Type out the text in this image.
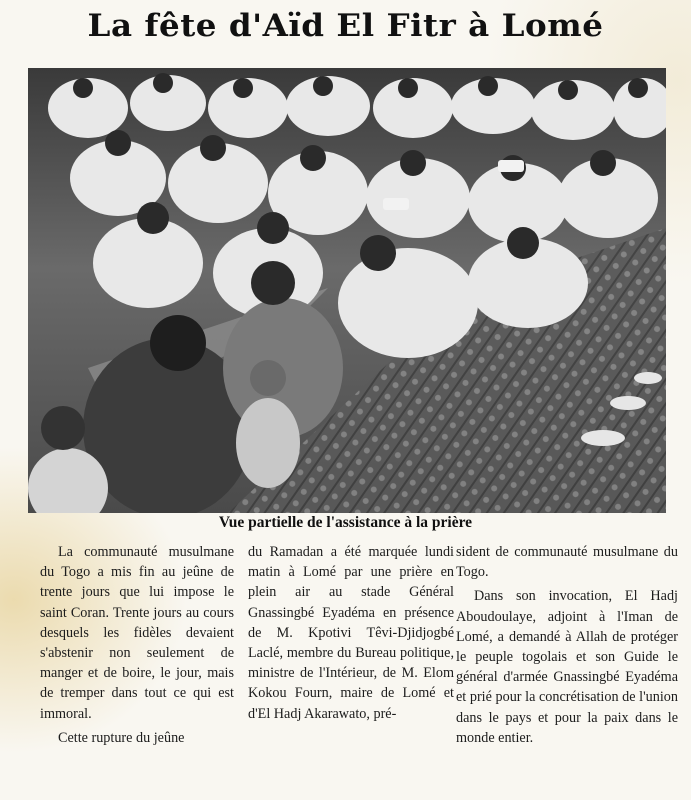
La fête d'Aïd El Fitr à Lomé
Vue partielle de l'assistance à la prière

La communauté musulmane du Togo a mis fin au jeûne de trente jours que lui impose le saint Coran. Trente jours au cours desquels les fidèles devaient s'abstenir non seulement de manger et de boire, le jour, mais de tremper dans tout ce qui est immoral.

Cette rupture du jeûne

du Ramadan a été marquée lundi matin à Lomé par une prière en plein air au stade Général Gnassingbé Eyadéma en présence de M. Kpotivi Têvi-Djidjogbé Laclé, membre du Bureau politique, ministre de l'Intérieur, de M. Elom Kokou Fourn, maire de Lomé et d'El Hadj Akarawato, pré-

sident de communauté musulmane du Togo.

Dans son invocation, El Hadj Aboudoulaye, adjoint à l'Iman de Lomé, a demandé à Allah de protéger le peuple togolais et son Guide le général d'armée Gnassingbé Eyadéma et prié pour la concrétisation de l'union dans le pays et pour la paix dans le monde entier.
